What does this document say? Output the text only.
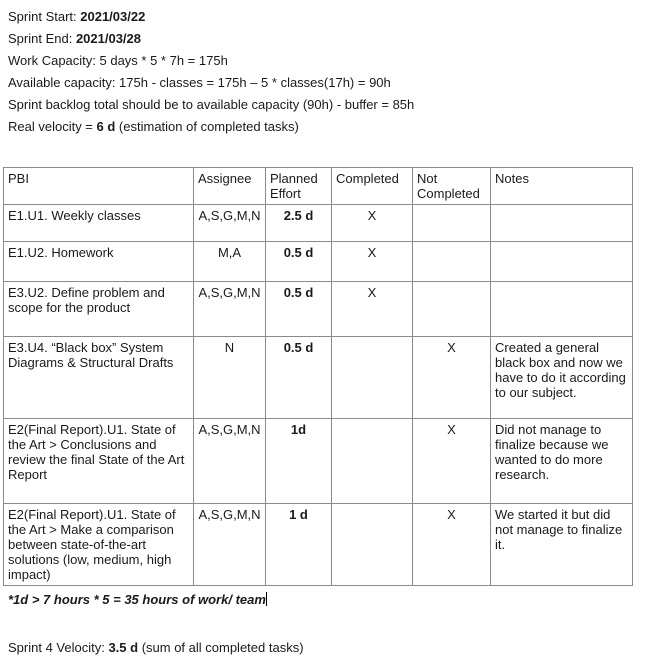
Sprint Start: 2021/03/22
Sprint End: 2021/03/28
Work Capacity: 5 days * 5 * 7h = 175h
Available capacity: 175h - classes = 175h – 5 * classes(17h) = 90h
Sprint backlog total should be to available capacity (90h) - buffer = 85h
Real velocity = 6 d (estimation of completed tasks)
PBI	Assignee	Planned Effort	Completed	Not Completed	Notes
E1.U1. Weekly classes	A,S,G,M,N	2.5 d	X		
E1.U2. Homework	M,A	0.5 d	X		
E3.U2. Define problem and scope for the product	A,S,G,M,N	0.5 d	X		
E3.U4. “Black box” System Diagrams & Structural Drafts	N	0.5 d		X	Created a general black box and now we have to do it according to our subject.
E2(Final Report).U1. State of the Art > Conclusions and review the final State of the Art Report	A,S,G,M,N	1d		X	Did not manage to finalize because we wanted to do more research.
E2(Final Report).U1. State of the Art > Make a comparison between state-of-the-art solutions (low, medium, high impact)	A,S,G,M,N	1 d		X	We started it but did not manage to finalize it.
*1d > 7 hours * 5 = 35 hours of work/ team
Sprint 4 Velocity: 3.5 d (sum of all completed tasks)
